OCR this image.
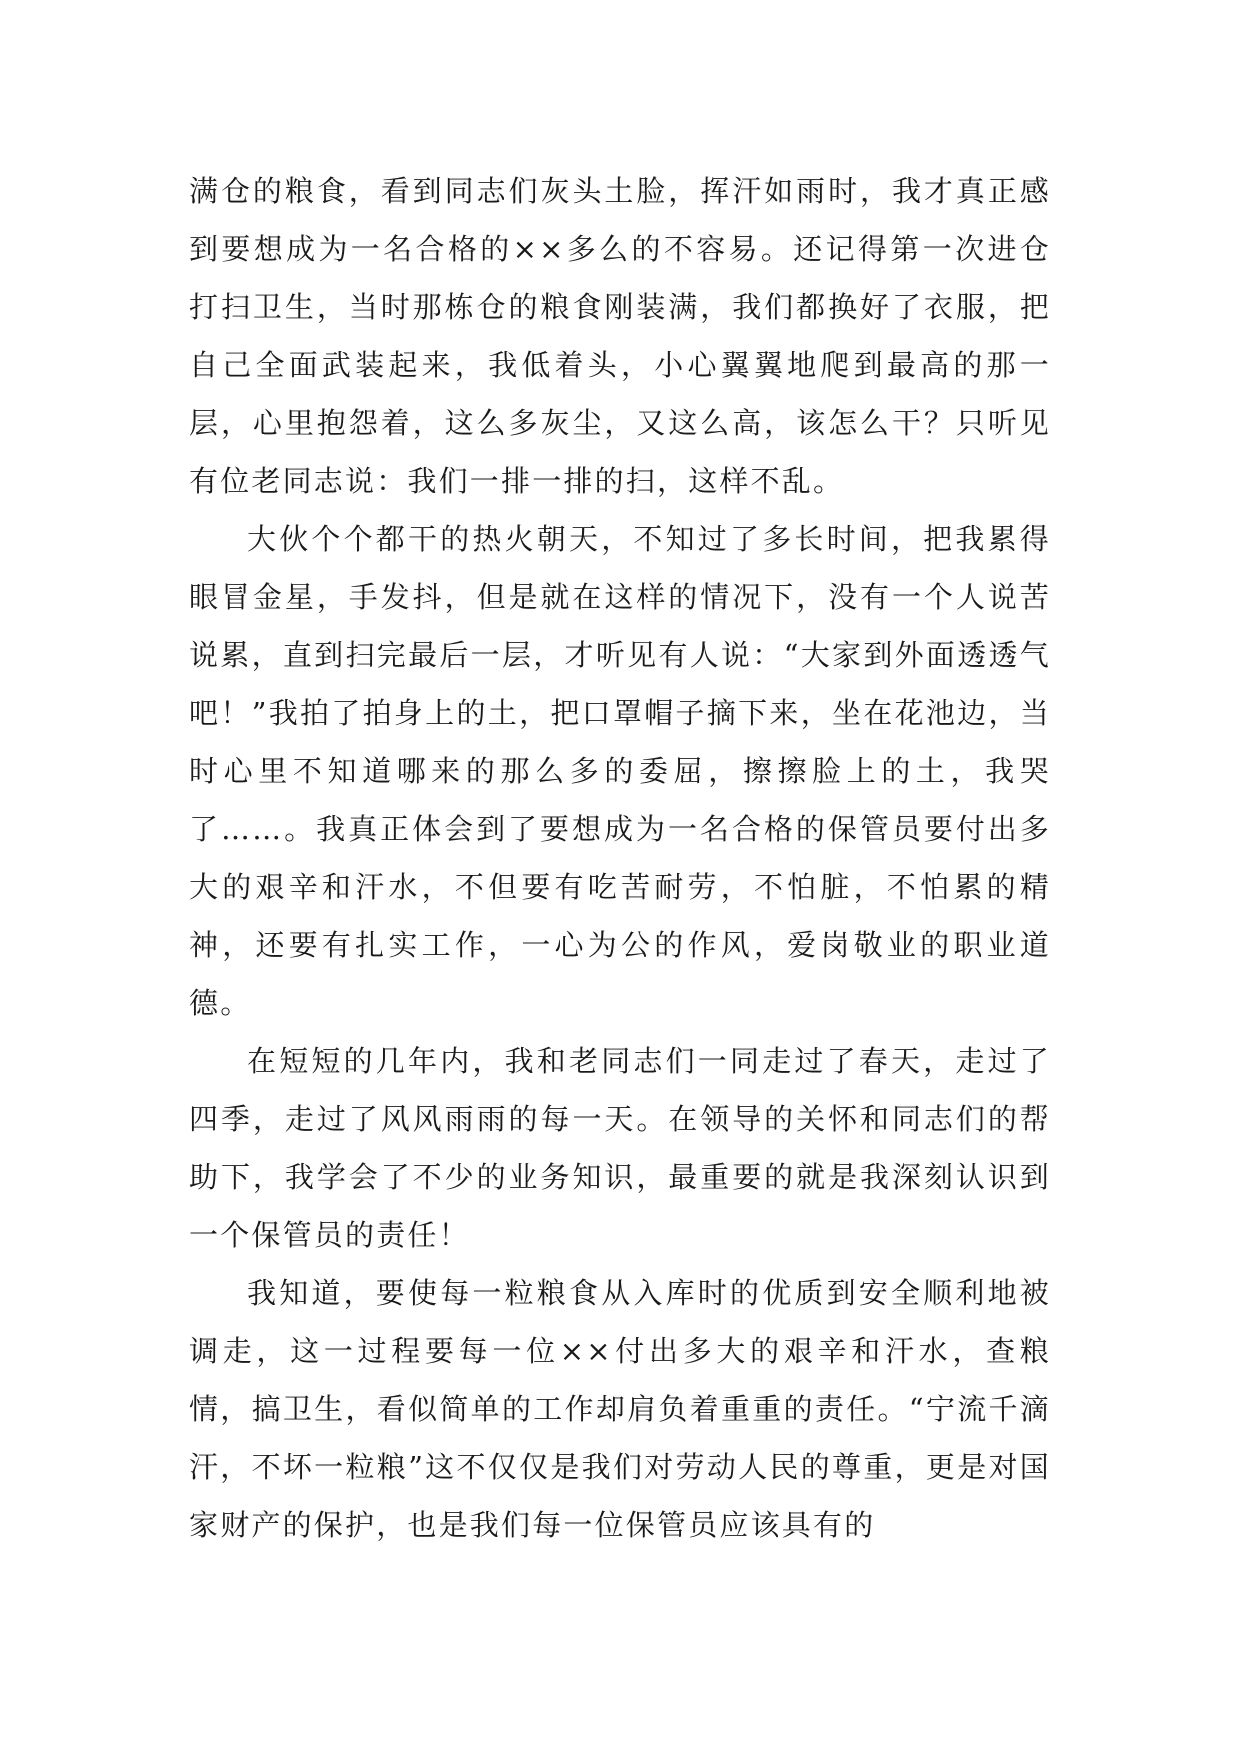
满仓的粮食，看到同志们灰头土脸，挥汗如雨时，我才真正感到要想成为一名合格的××多么的不容易。还记得第一次进仓打扫卫生，当时那栋仓的粮食刚装满，我们都换好了衣服，把自己全面武装起来，我低着头，小心翼翼地爬到最高的那一层，心里抱怨着，这么多灰尘，又这么高，该怎么干？只听见有位老同志说：我们一排一排的扫，这样不乱。

大伙个个都干的热火朝天，不知过了多长时间，把我累得眼冒金星，手发抖，但是就在这样的情况下，没有一个人说苦说累，直到扫完最后一层，才听见有人说：“大家到外面透透气吧！”我拍了拍身上的土，把口罩帽子摘下来，坐在花池边，当时心里不知道哪来的那么多的委屈，擦擦脸上的土，我哭了……。我真正体会到了要想成为一名合格的保管员要付出多大的艰辛和汗水，不但要有吃苦耐劳，不怕脏，不怕累的精神，还要有扎实工作，一心为公的作风，爱岗敬业的职业道德。

在短短的几年内，我和老同志们一同走过了春天，走过了四季，走过了风风雨雨的每一天。在领导的关怀和同志们的帮助下，我学会了不少的业务知识，最重要的就是我深刻认识到一个保管员的责任！

我知道，要使每一粒粮食从入库时的优质到安全顺利地被调走，这一过程要每一位××付出多大的艰辛和汗水，查粮情，搞卫生，看似简单的工作却肩负着重重的责任。“宁流千滴汗，不坏一粒粮”这不仅仅是我们对劳动人民的尊重，更是对国家财产的保护，也是我们每一位保管员应该具有的
